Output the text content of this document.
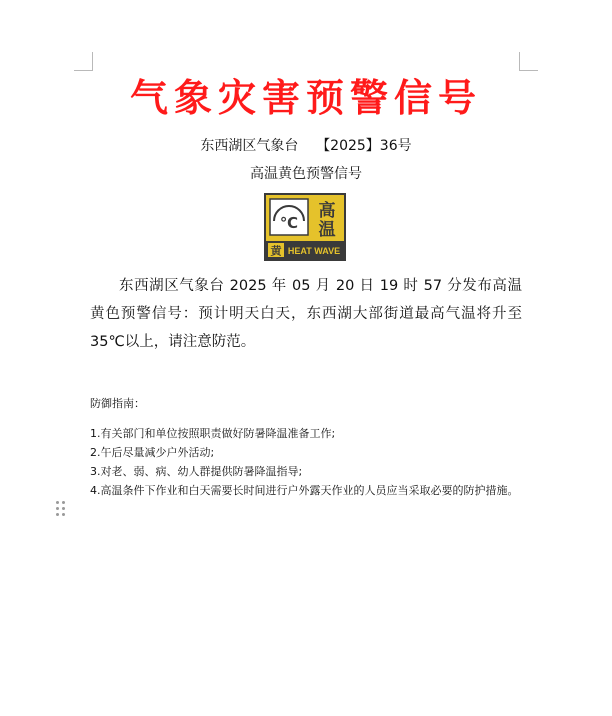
气象灾害预警信号
东西湖区气象台    【2025】36号
高温黄色预警信号
℃
高
温
黄 HEAT WAVE
东西湖区气象台 2025 年 05 月 20 日 19 时 57 分发布高温黄色预警信号：预计明天白天，东西湖大部街道最高气温将升至 35℃以上，请注意防范。
防御指南：
1.有关部门和单位按照职责做好防暑降温准备工作;
2.午后尽量减少户外活动;
3.对老、弱、病、幼人群提供防暑降温指导;
4.高温条件下作业和白天需要长时间进行户外露天作业的人员应当采取必要的防护措施。
